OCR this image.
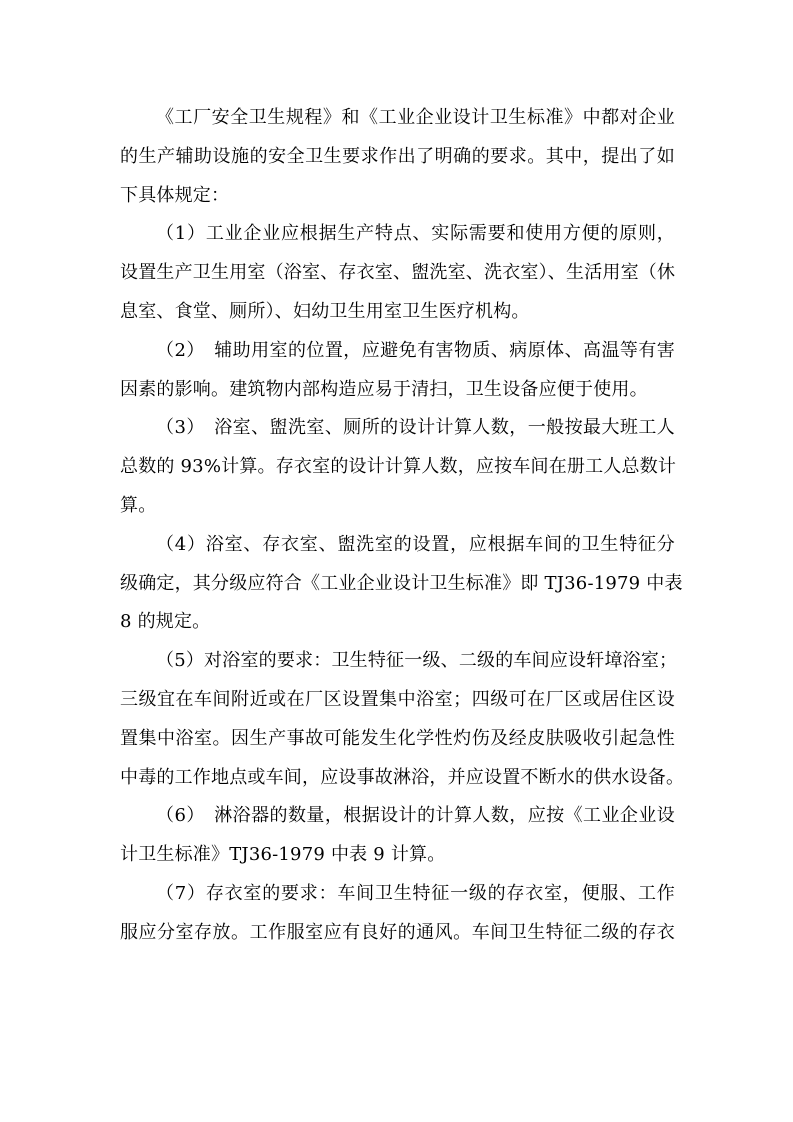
《工厂安全卫生规程》和《工业企业设计卫生标准》中都对企业
的生产辅助设施的安全卫生要求作出了明确的要求。其中，提出了如
下具体规定：
（1）工业企业应根据生产特点、实际需要和使用方便的原则，
设置生产卫生用室（浴室、存衣室、盥洗室、洗衣室）、生活用室（休
息室、食堂、厕所）、妇幼卫生用室卫生医疗机构。
（2）　辅助用室的位置，应避免有害物质、病原体、高温等有害
因素的影响。建筑物内部构造应易于清扫，卫生设备应便于使用。
（3）　浴室、盥洗室、厕所的设计计算人数，一般按最大班工人
总数的 93%计算。存衣室的设计计算人数，应按车间在册工人总数计
算。
（4）浴室、存衣室、盥洗室的设置，应根据车间的卫生特征分
级确定，其分级应符合《工业企业设计卫生标准》即 TJ36-1979 中表
8 的规定。
（5）对浴室的要求：卫生特征一级、二级的车间应设轩墇浴室；
三级宜在车间附近或在厂区设置集中浴室；四级可在厂区或居住区设
置集中浴室。因生产事故可能发生化学性灼伤及经皮肤吸收引起急性
中毒的工作地点或车间，应设事故淋浴，并应设置不断水的供水设备。
（6）　淋浴器的数量，根据设计的计算人数，应按《工业企业设
计卫生标准》TJ36-1979 中表 9 计算。
（7）存衣室的要求：车间卫生特征一级的存衣室，便服、工作
服应分室存放。工作服室应有良好的通风。车间卫生特征二级的存衣
